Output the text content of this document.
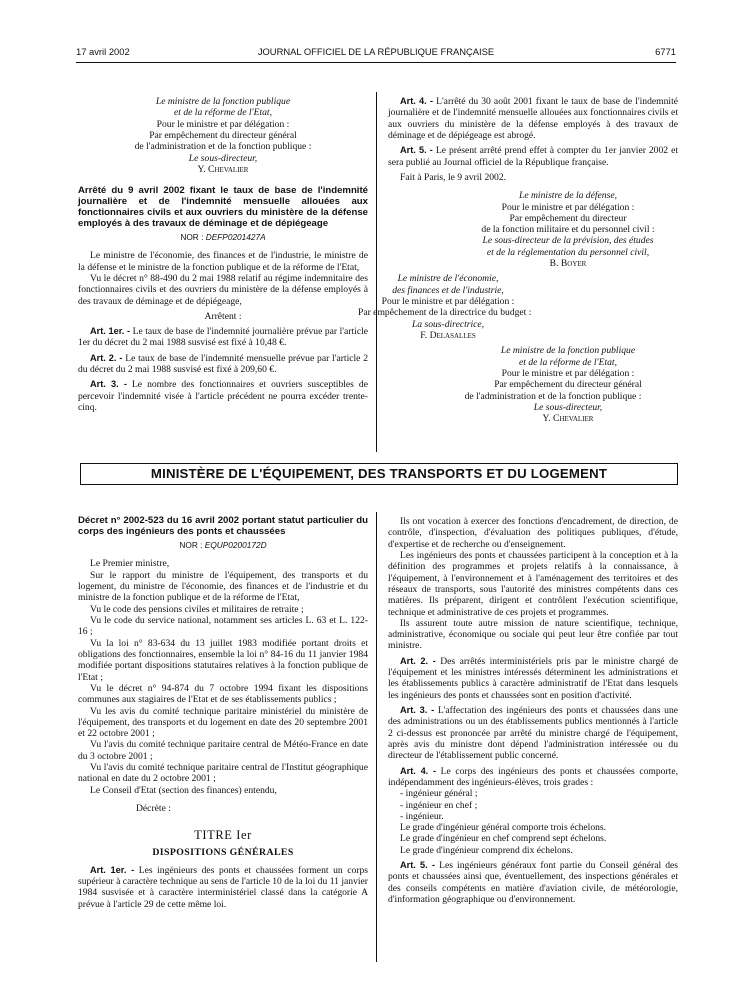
17 avril 2002	JOURNAL OFFICIEL DE LA RÉPUBLIQUE FRANÇAISE	6771

Le ministre de la fonction publique

et de la réforme de l'Etat,

Pour le ministre et par délégation :

Par empêchement du directeur général

de l'administration et de la fonction publique :

Le sous-directeur,

Y. Chevalier

Arrêté du 9 avril 2002 fixant le taux de base de l'indemnité journalière et de l'indemnité mensuelle allouées aux fonctionnaires civils et aux ouvriers du ministère de la défense employés à des travaux de déminage et de dépiégeage

NOR : DEFP0201427A

Le ministre de l'économie, des finances et de l'industrie, le ministre de la défense et le ministre de la fonction publique et de la réforme de l'Etat,

Vu le décret n° 88-490 du 2 mai 1988 relatif au régime indemnitaire des fonctionnaires civils et des ouvriers du ministère de la défense employés à des travaux de déminage et de dépiégeage,

Arrêtent :

Art. 1er. - Le taux de base de l'indemnité journalière prévue par l'article 1er du décret du 2 mai 1988 susvisé est fixé à 10,48 €.

Art. 2. - Le taux de base de l'indemnité mensuelle prévue par l'article 2 du décret du 2 mai 1988 susvisé est fixé à 209,60 €.

Art. 3. - Le nombre des fonctionnaires et ouvriers susceptibles de percevoir l'indemnité visée à l'article précédent ne pourra excéder trente-cinq.

Art. 4. - L'arrêté du 30 août 2001 fixant le taux de base de l'indemnité journalière et de l'indemnité mensuelle allouées aux fonctionnaires civils et aux ouvriers du ministère de la défense employés à des travaux de déminage et de dépiégeage est abrogé.

Art. 5. - Le présent arrêté prend effet à compter du 1er janvier 2002 et sera publié au Journal officiel de la République française.

Fait à Paris, le 9 avril 2002.

Le ministre de la défense,

Pour le ministre et par délégation :

Par empêchement du directeur

de la fonction militaire et du personnel civil :

Le sous-directeur de la prévision, des études

et de la réglementation du personnel civil,

B. Boyer

Le ministre de l'économie,

des finances et de l'industrie,

Pour le ministre et par délégation :

Par empêchement de la directrice du budget :

La sous-directrice,

F. Delasalles

Le ministre de la fonction publique

et de la réforme de l'Etat,

Pour le ministre et par délégation :

Par empêchement du directeur général

de l'administration et de la fonction publique :

Le sous-directeur,

Y. Chevalier

MINISTÈRE DE L'ÉQUIPEMENT, DES TRANSPORTS ET DU LOGEMENT

Décret n° 2002-523 du 16 avril 2002 portant statut particulier du corps des ingénieurs des ponts et chaussées

NOR : EQUP0200172D

Le Premier ministre,

Sur le rapport du ministre de l'équipement, des transports et du logement, du ministre de l'économie, des finances et de l'industrie et du ministre de la fonction publique et de la réforme de l'Etat,

Vu le code des pensions civiles et militaires de retraite ;

Vu le code du service national, notamment ses articles L. 63 et L. 122-16 ;

Vu la loi n° 83-634 du 13 juillet 1983 modifiée portant droits et obligations des fonctionnaires, ensemble la loi n° 84-16 du 11 janvier 1984 modifiée portant dispositions statutaires relatives à la fonction publique de l'Etat ;

Vu le décret n° 94-874 du 7 octobre 1994 fixant les dispositions communes aux stagiaires de l'Etat et de ses établissements publics ;

Vu les avis du comité technique paritaire ministériel du ministère de l'équipement, des transports et du logement en date des 20 septembre 2001 et 22 octobre 2001 ;

Vu l'avis du comité technique paritaire central de Météo-France en date du 3 octobre 2001 ;

Vu l'avis du comité technique paritaire central de l'Institut géographique national en date du 2 octobre 2001 ;

Le Conseil d'Etat (section des finances) entendu,

Décrète :

TITRE Ier

DISPOSITIONS GÉNÉRALES

Art. 1er. - Les ingénieurs des ponts et chaussées forment un corps supérieur à caractère technique au sens de l'article 10 de la loi du 11 janvier 1984 susvisée et à caractère interministériel classé dans la catégorie A prévue à l'article 29 de cette même loi.

Ils ont vocation à exercer des fonctions d'encadrement, de direction, de contrôle, d'inspection, d'évaluation des politiques publiques, d'étude, d'expertise et de recherche ou d'enseignement.

Les ingénieurs des ponts et chaussées participent à la conception et à la définition des programmes et projets relatifs à la connaissance, à l'équipement, à l'environnement et à l'aménagement des territoires et des réseaux de transports, sous l'autorité des ministres compétents dans ces matières. Ils préparent, dirigent et contrôlent l'exécution scientifique, technique et administrative de ces projets et programmes.

Ils assurent toute autre mission de nature scientifique, technique, administrative, économique ou sociale qui peut leur être confiée par tout ministre.

Art. 2. - Des arrêtés interministériels pris par le ministre chargé de l'équipement et les ministres intéressés déterminent les administrations et les établissements publics à caractère administratif de l'Etat dans lesquels les ingénieurs des ponts et chaussées sont en position d'activité.

Art. 3. - L'affectation des ingénieurs des ponts et chaussées dans une des administrations ou un des établissements publics mentionnés à l'article 2 ci-dessus est prononcée par arrêté du ministre chargé de l'équipement, après avis du ministre dont dépend l'administration intéressée ou du directeur de l'établissement public concerné.

Art. 4. - Le corps des ingénieurs des ponts et chaussées comporte, indépendamment des ingénieurs-élèves, trois grades :

- ingénieur général ;

- ingénieur en chef ;

- ingénieur.

Le grade d'ingénieur général comporte trois échelons.

Le grade d'ingénieur en chef comprend sept échelons.

Le grade d'ingénieur comprend dix échelons.

Art. 5. - Les ingénieurs généraux font partie du Conseil général des ponts et chaussées ainsi que, éventuellement, des inspections générales et des conseils compétents en matière d'aviation civile, de météorologie, d'information géographique ou d'environnement.
